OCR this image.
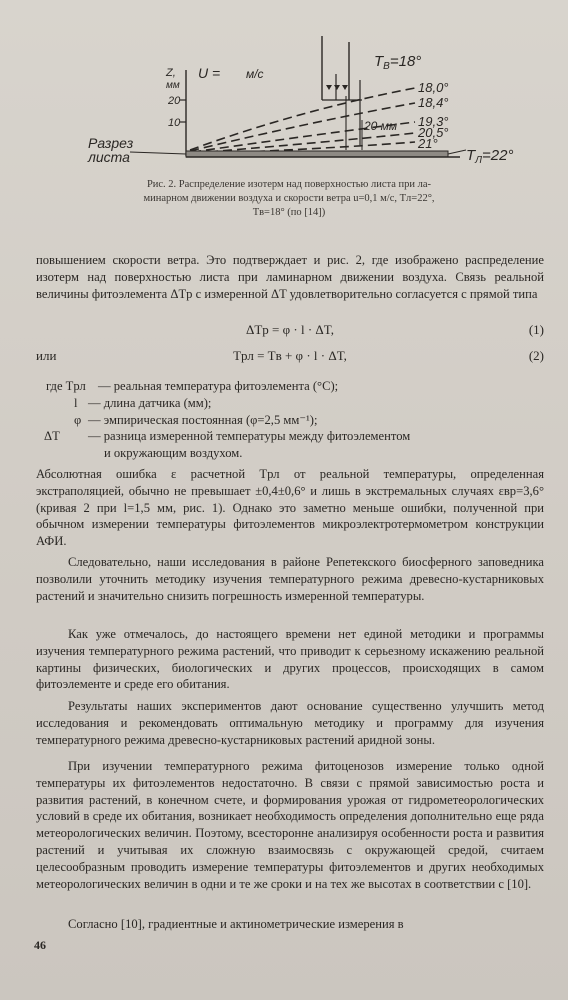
Z,
мм
20
10
U = м/с
$T_B=18^\circ$
18,0°
18,4°
19,3°
20,5°
21°
20 мм
Разрез
листа	$T_Л=22^\circ$

Рис. 2. Распределение изотерм над поверхностью листа при ла-

минарном движении воздуха и скорости ветра u=0,1 м/с, Tл=22°,

Tв=18° (по [14])

повышением скорости ветра. Это подтверждает и рис. 2, где изображено распределение изотерм над поверхностью листа при ламинарном движении воздуха. Связь реальной величины фитоэлемента ΔTр с измеренной ΔT удовлетворительно согласуется с прямой типа

ΔTр = φ · l · ΔT,	(1)
или	Tрл = Tв + φ · l · ΔT,	(2)
где Tрл — реальная температура фитоэлемента (°С);
l — длина датчика (мм);
φ — эмпирическая постоянная (φ=2,5 мм⁻¹);
ΔT — разница измеренной температуры между фитоэлементом
и окружающим воздухом.

Абсолютная ошибка ε расчетной Tрл от реальной температуры, определенная экстраполяцией, обычно не превышает ±0,4±0,6° и лишь в экстремальных случаях εвр=3,6° (кривая 2 при l=1,5 мм, рис. 1). Однако это заметно меньше ошибки, полученной при обычном измерении температуры фитоэлементов микроэлектротермометром конструкции АФИ.

Следовательно, наши исследования в районе Репетекского биосферного заповедника позволили уточнить методику изучения температурного режима древесно-кустарниковых растений и значительно снизить погрешность измеренной температуры.

Как уже отмечалось, до настоящего времени нет единой методики и программы изучения температурного режима растений, что приводит к серьезному искажению реальной картины физических, биологических и других процессов, происходящих в самом фитоэлементе и среде его обитания.

Результаты наших экспериментов дают основание существенно улучшить метод исследования и рекомендовать оптимальную методику и программу для изучения температурного режима древесно-кустарниковых растений аридной зоны.

При изучении температурного режима фитоценозов измерение только одной температуры их фитоэлементов недостаточно. В связи с прямой зависимостью роста и развития растений, в конечном счете, и формирования урожая от гидрометеорологических условий в среде их обитания, возникает необходимость определения дополнительно еще ряда метеорологических величин. Поэтому, всесторонне анализируя особенности роста и развития растений и учитывая их сложную взаимосвязь с окружающей средой, считаем целесообразным проводить измерение температуры фитоэлементов и других необходимых метеорологических величин в одни и те же сроки и на тех же высотах в соответствии с [10].

Согласно [10], градиентные и актинометрические измерения в

46
